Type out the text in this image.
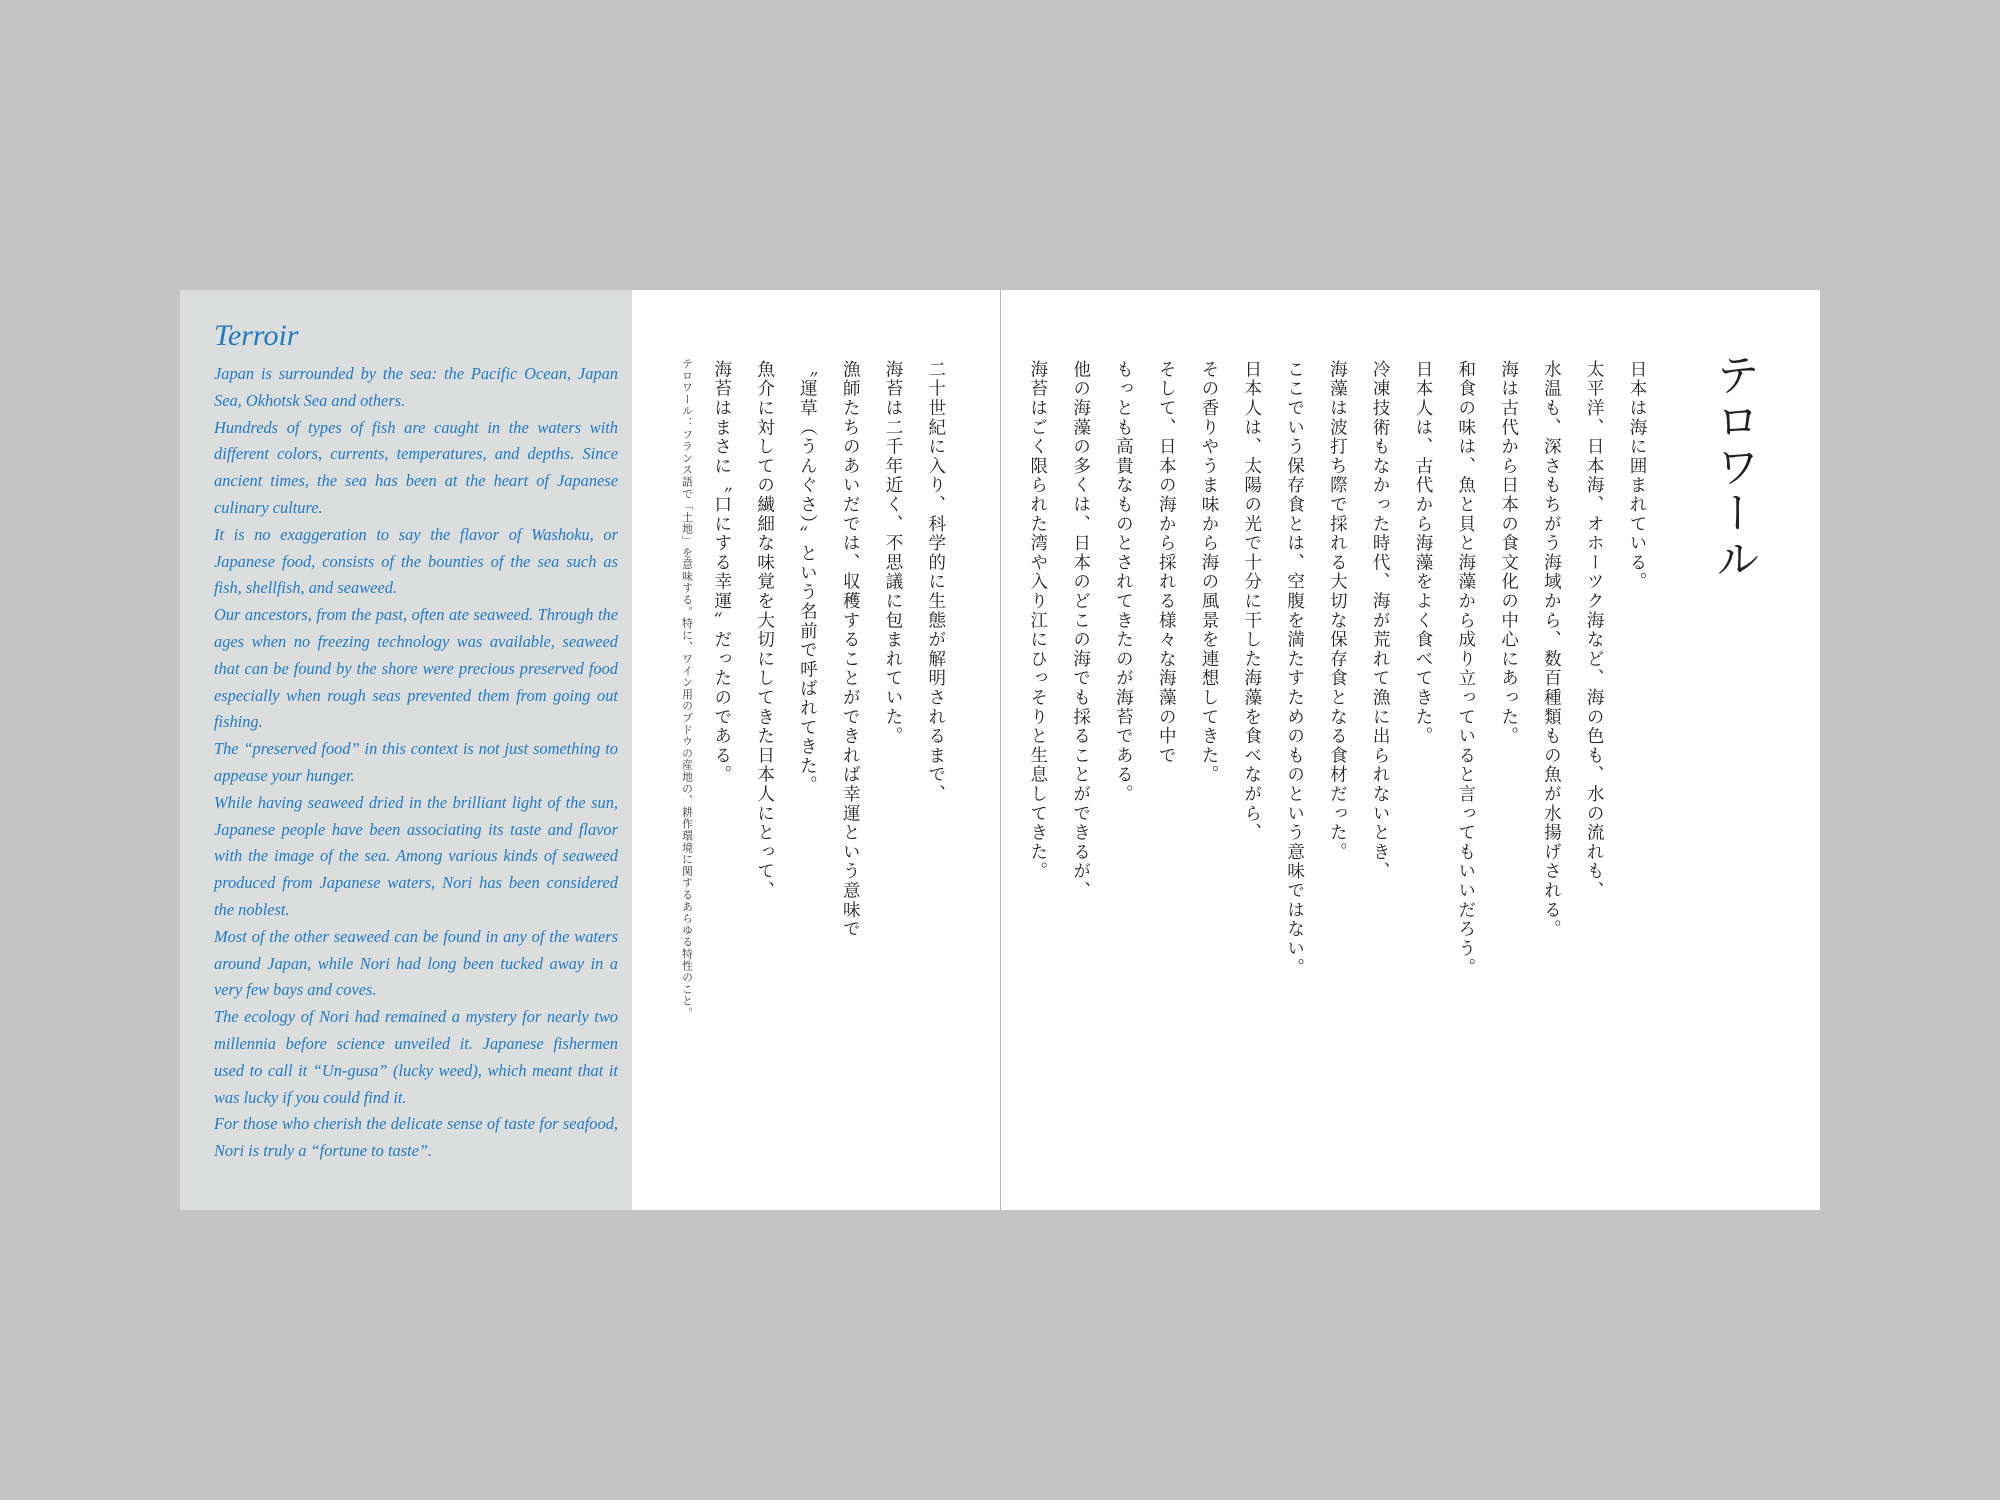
Terroir

Japan is surrounded by the sea: the Pacific Ocean, Japan Sea, Okhotsk Sea and others.

Hundreds of types of fish are caught in the waters with different colors, currents, temperatures, and depths. Since ancient times, the sea has been at the heart of Japanese culinary culture.

It is no exaggeration to say the flavor of Washoku, or Japanese food, consists of the bounties of the sea such as fish, shellfish, and seaweed.

Our ancestors, from the past, often ate seaweed. Through the ages when no freezing technology was available, seaweed that can be found by the shore were precious preserved food especially when rough seas prevented them from going out fishing.

The “preserved food” in this context is not just something to appease your hunger.

While having seaweed dried in the brilliant light of the sun, Japanese people have been associating its taste and flavor with the image of the sea. Among various kinds of seaweed produced from Japanese waters, Nori has been considered the noblest.

Most of the other seaweed can be found in any of the waters around Japan, while Nori had long been tucked away in a very few bays and coves.

The ecology of Nori had remained a mystery for nearly two millennia before science unveiled it. Japanese fishermen used to call it “Un-gusa” (lucky weed), which meant that it was lucky if you could find it.

For those who cherish the delicate sense of taste for seafood, Nori is truly a “fortune to taste”.

テロワール
日本は海に囲まれている。
太平洋、日本海、オホーツク海など、海の色も、水の流れも、
水温も、深さもちがう海域から、数百種類もの魚が水揚げされる。
海は古代から日本の食文化の中心にあった。
和食の味は、魚と貝と海藻から成り立っていると言ってもいいだろう。
日本人は、古代から海藻をよく食べてきた。
冷凍技術もなかった時代、海が荒れて漁に出られないとき、
海藻は波打ち際で採れる大切な保存食となる食材だった。
ここでいう保存食とは、空腹を満たすためのものという意味ではない。
日本人は、太陽の光で十分に干した海藻を食べながら、
その香りやうま味から海の風景を連想してきた。
そして、日本の海から採れる様々な海藻の中で
もっとも高貴なものとされてきたのが海苔である。
他の海藻の多くは、日本のどこの海でも採ることができるが、
海苔はごく限られた湾や入り江にひっそりと生息してきた。
二十世紀に入り、科学的に生態が解明されるまで、
海苔は二千年近く、不思議に包まれていた。
漁師たちのあいだでは、収穫することができれば幸運という意味で
〝運草（うんぐさ）〟という名前で呼ばれてきた。
魚介に対しての繊細な味覚を大切にしてきた日本人にとって、
海苔はまさに〝口にする幸運〟だったのである。
テロワール：フランス語で「土地」を意味する。特に、ワイン用のブドウの産地の、耕作環境に関するあらゆる特性のこと。
